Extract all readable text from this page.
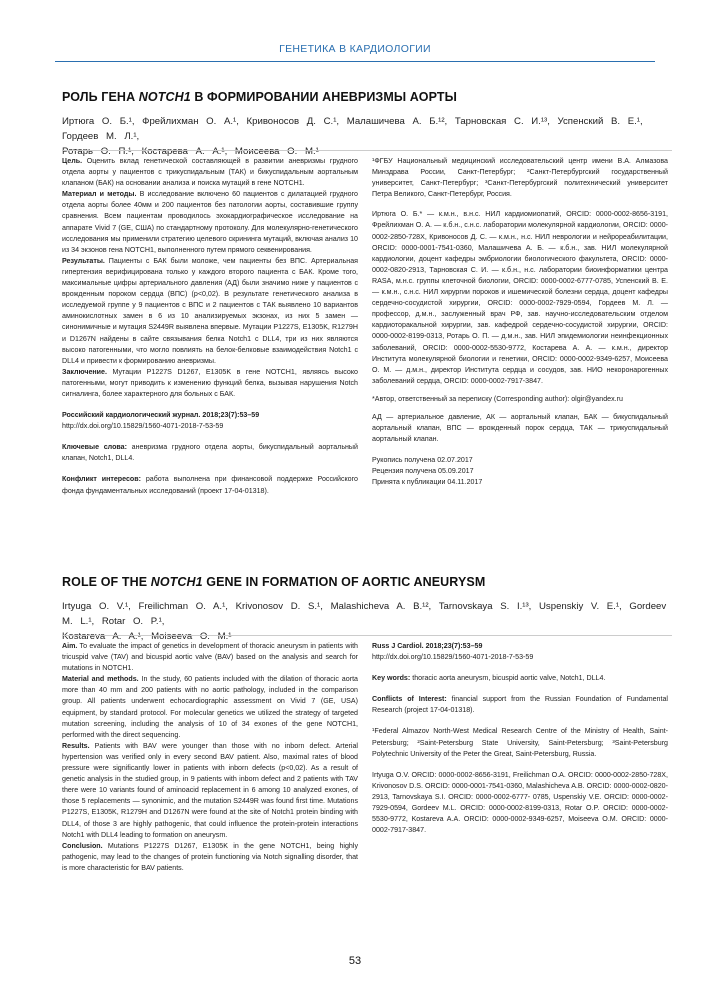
ГЕНЕТИКА В КАРДИОЛОГИИ
РОЛЬ ГЕНА NOTCH1 В ФОРМИРОВАНИИ АНЕВРИЗМЫ АОРТЫ
Иртюга О. Б.¹, Фрейлихман О. А.¹, Кривоносов Д. С.¹, Малашичева А. Б.¹², Тарновская С. И.¹³, Успенский В. Е.¹, Гордеев М. Л.¹,
Ротарь О. П.¹, Костарева А. А.¹, Моисеева О. М.¹

Цель. Оценить вклад генетической составляющей в развитии аневризмы грудного отдела аорты у пациентов с трикуспидальным (ТАК) и бикуспидальным аортальным клапаном (БАК) на основании анализа и поиска мутаций в гене NOTCH1.

Материал и методы. В исследование включено 60 пациентов с дилатацией грудного отдела аорты более 40мм и 200 пациентов без патологии аорты, составившие группу сравнения. Всем пациентам проводилось эхокардиографическое исследование на аппарате Vivid 7 (GE, США) по стандартному протоколу. Для молекулярно-генетического исследования мы применили стратегию целевого скрининга мутаций, включая анализ 10 из 34 экзонов гена NOTCH1, выполненного путем прямого секвенирования.

Результаты. Пациенты с БАК были моложе, чем пациенты без ВПС. Артериальная гипертензия верифицирована только у каждого второго пациента с БАК. Кроме того, максимальные цифры артериального давления (АД) были значимо ниже у пациентов с врожденным пороком сердца (ВПС) (р<0,02). В результате генетического анализа в исследуемой группе у 9 пациентов с ВПС и 2 пациентов с ТАК выявлено 10 вариантов аминокислотных замен в 6 из 10 анализируемых экзонах, из них 5 замен — синонимичные и мутация S2449R выявлена впервые. Мутации P1227S, E1305K, R1279H и D1267N найдены в сайте связывания белка Notch1 с DLL4, три из них являются высоко патогенными, что могло повлиять на белок-белковые взаимодействия Notch1 с DLL4 и привести к формированию аневризмы.

Заключение. Мутации P1227S D1267, E1305K в гене NOTCH1, являясь высоко патогенными, могут приводить к изменению функций белка, вызывая нарушения Notch сигналинга, более характерного для больных с БАК.

Российский кардиологический журнал. 2018;23(7):53–59

http://dx.doi.org/10.15829/1560-4071-2018-7-53-59

Ключевые слова: аневризма грудного отдела аорты, бикуспидальный аортальный клапан, Notch1, DLL4.

Конфликт интересов: работа выполнена при финансовой поддержке Российского фонда фундаментальных исследований (проект 17-04-01318).

¹ФГБУ Национальный медицинский исследовательский центр имени В.А. Алмазова Минздрава России, Санкт-Петербург; ²Санкт-Петербургский государственный университет, Санкт-Петербург; ³Санкт-Петербургский политехнический университет Петра Великого, Санкт-Петербург, Россия.

Иртюга О. Б.* — к.м.н., в.н.с. НИЛ кардиомиопатий, ORCID: 0000-0002-8656-3191, Фрейлихман О. А. — к.б.н., с.н.с. лаборатории молекулярной кардиологии, ORCID: 0000-0002-2850-728X, Кривоносов Д. С. — к.м.н., н.с. НИЛ неврологии и нейрореабилитации, ORCID: 0000-0001-7541-0360, Малашичева А. Б. — к.б.н., зав. НИЛ молекулярной кардиологии, доцент кафедры эмбриологии биологического факультета, ORCID: 0000-0002-0820-2913, Тарновская С. И. — к.б.н., н.с. лаборатории биоинформатики центра RASA, м.н.с. группы клеточной биологии, ORCID: 0000-0002-6777-0785, Успенский В. Е. — к.м.н., с.н.с. НИЛ хирургии пороков и ишемической болезни сердца, доцент кафедры сердечно-сосудистой хирургии, ORCID: 0000-0002-7929-0594, Гордеев М. Л. — профессор, д.м.н., заслуженный врач РФ, зав. научно-исследовательским отделом кардиоторакальной хирургии, зав. кафедрой сердечно-сосудистой хирургии, ORCID: 0000-0002-8199-0313, Ротарь О. П. — д.м.н., зав. НИЛ эпидемиологии неинфекционных заболеваний, ORCID: 0000-0002-5530-9772, Костарева А. А. — к.м.н., директор Института молекулярной биологии и генетики, ORCID: 0000-0002-9349-6257, Моисеева О. М. — д.м.н., директор Института сердца и сосудов, зав. НИО некоронарогенных заболеваний сердца, ORCID: 0000-0002-7917-3847.

*Автор, ответственный за переписку (Corresponding author): olgir@yandex.ru

АД — артериальное давление, АК — аортальный клапан, БАК — бикуспидальный аортальный клапан, ВПС — врожденный порок сердца, ТАК — трикуспидальный аортальный клапан.

Рукопись получена 02.07.2017

Рецензия получена 05.09.2017

Принята к публикации 04.11.2017

ROLE OF THE NOTCH1 GENE IN FORMATION OF AORTIC ANEURYSM
Irtyuga O. V.¹, Freilichman O. A.¹, Krivonosov D. S.¹, Malashicheva A. B.¹², Tarnovskaya S. I.¹³, Uspenskiy V. E.¹, Gordeev M. L.¹, Rotar O. P.¹,
Kostareva A. A.¹, Moiseeva O. M.¹

Aim. To evaluate the impact of genetics in development of thoracic aneurysm in patients with tricuspid valve (TAV) and bicuspid aortic valve (BAV) based on the analysis and search for mutations in NOTCH1.

Material and methods. In the study, 60 patients included with the dilation of thoracic aorta more than 40 mm and 200 patients with no aortic pathology, included in the comparison group. All patients underwent echocardiographic assessment on Vivid 7 (GE, USA) equipment, by standard protocol. For molecular genetics we utilized the strategy of targeted mutation screening, including the analysis of 10 of 34 exones of the gene NOTCH1, performed with the direct sequencing.

Results. Patients with BAV were younger than those with no inborn defect. Arterial hypertension was verified only in every second BAV patient. Also, maximal rates of blood pressure were significantly lower in patients with inborn defects (p<0,02). As a result of genetic analysis in the studied group, in 9 patients with inborn defect and 2 patients with TAV there were 10 variants found of aminoacid replacement in 6 among 10 analyzed exones, of those 5 replacements — synonimic, and the mutation S2449R was found first time. Mutations P1227S, E1305K, R1279H and D1267N were found at the site of Notch1 protein binding with DLL4, of those 3 are highly pathogenic, that could influence the protein-protein interactions Notch1 with DLL4 leading to formation on aneurysm.

Conclusion. Mutations P1227S D1267, E1305K in the gene NOTCH1, being highly pathogenic, may lead to the changes of protein functioning via Notch signalling disorder, that is more characteristic for BAV patients.

Russ J Cardiol. 2018;23(7):53–59

http://dx.doi.org/10.15829/1560-4071-2018-7-53-59

Key words: thoracic aorta aneurysm, bicuspid aortic valve, Notch1, DLL4.

Conflicts of Interest: financial support from the Russian Foundation of Fundamental Research (project 17-04-01318).

¹Federal Almazov North-West Medical Research Centre of the Ministry of Health, Saint-Petersburg; ²Saint-Petersburg State University, Saint-Petersburg; ³Saint-Petersburg Polytechnic University of the Peter the Great, Saint-Petersburg, Russia.

Irtyuga O.V. ORCID: 0000-0002-8656-3191, Freilichman O.A. ORCID: 0000-0002-2850-728X, Krivonosov D.S. ORCID: 0000-0001-7541-0360, Malashicheva A.B. ORCID: 0000-0002-0820-2913, Tarnovskaya S.I. ORCID: 0000-0002-6777- 0785, Uspenskiy V.E. ORCID: 0000-0002-7929-0594, Gordeev M.L. ORCID: 0000-0002-8199-0313, Rotar O.P. ORCID: 0000-0002-5530-9772, Kostareva A.A. ORCID: 0000-0002-9349-6257, Moiseeva O.M. ORCID: 0000-0002-7917-3847.

53
